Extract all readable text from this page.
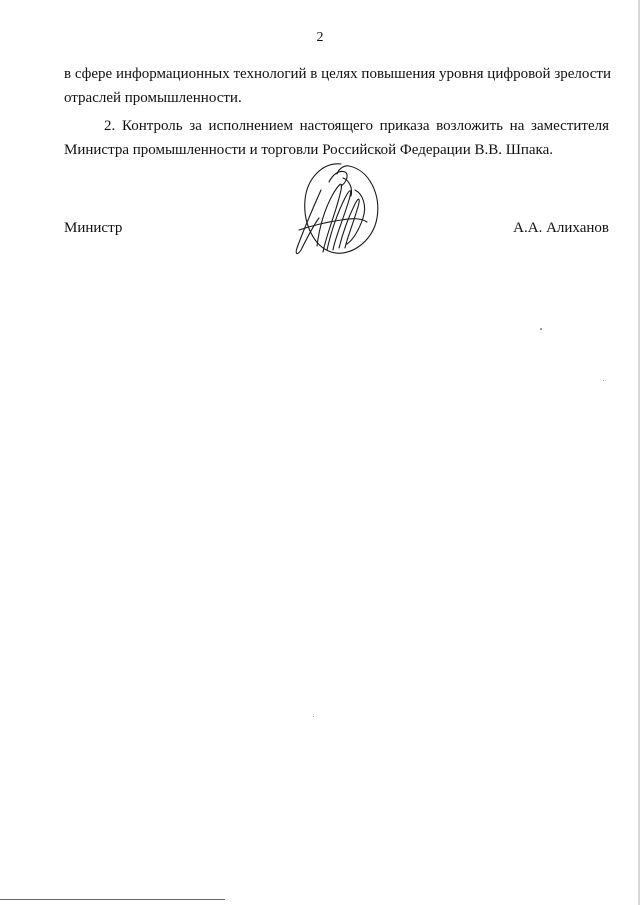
2
в сфере информационных технологий в целях повышения уровня цифровой зрелости
отраслей промышленности.
2. Контроль за исполнением настоящего приказа возложить на заместителя
Министра промышленности и торговли Российской Федерации В.В. Шпака.
Министр	А.А. Алиханов
